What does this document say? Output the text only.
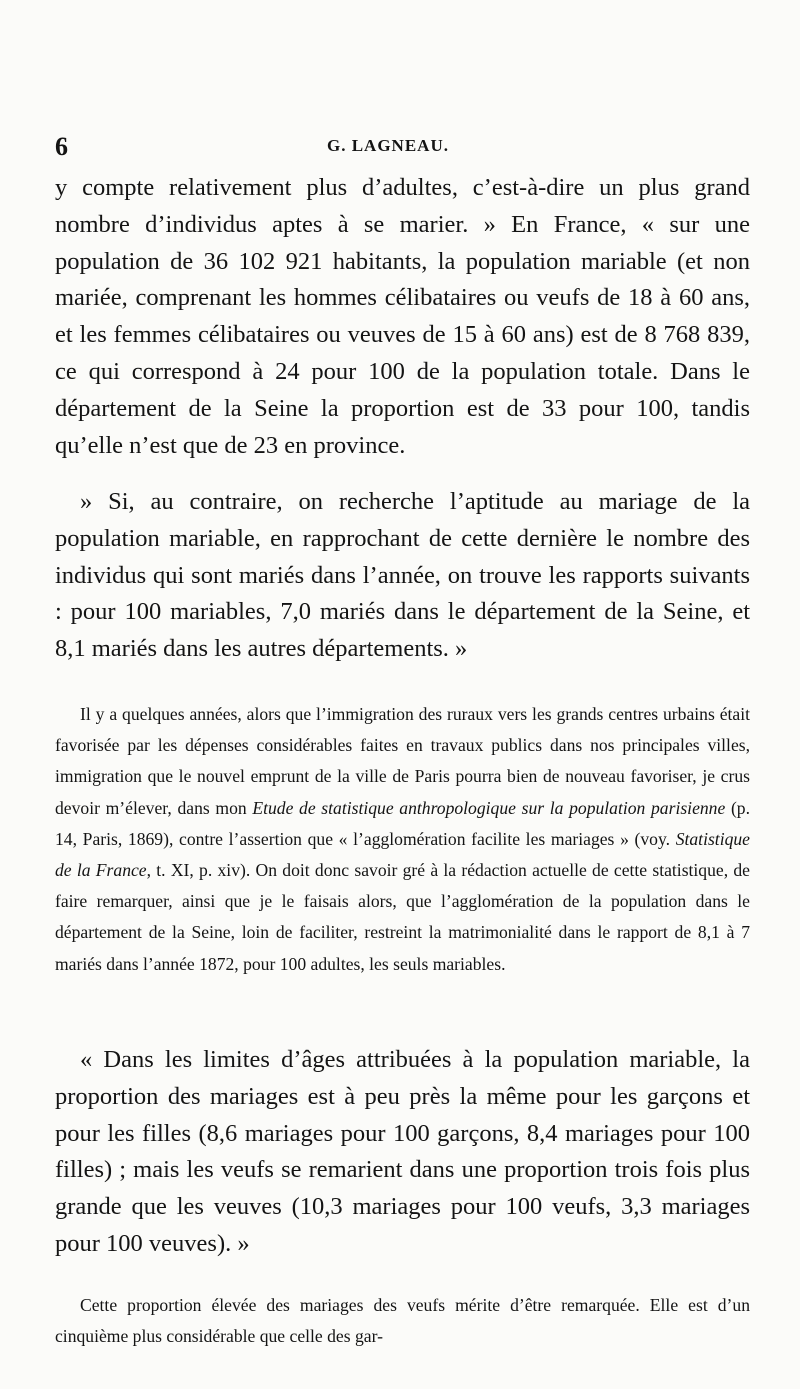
6	G. LAGNEAU.

y compte relativement plus d’adultes, c’est-à-dire un plus grand nombre d’individus aptes à se marier. » En France, « sur une population de 36 102 921 habitants, la population mariable (et non mariée, comprenant les hommes célibataires ou veufs de 18 à 60 ans, et les femmes célibataires ou veuves de 15 à 60 ans) est de 8 768 839, ce qui correspond à 24 pour 100 de la population totale. Dans le département de la Seine la proportion est de 33 pour 100, tandis qu’elle n’est que de 23 en province.

» Si, au contraire, on recherche l’aptitude au mariage de la population mariable, en rapprochant de cette dernière le nombre des individus qui sont mariés dans l’année, on trouve les rapports suivants : pour 100 mariables, 7,0 mariés dans le département de la Seine, et 8,1 mariés dans les autres départements. »

Il y a quelques années, alors que l’immigration des ruraux vers les grands centres urbains était favorisée par les dépenses considérables faites en travaux publics dans nos principales villes, immigration que le nouvel emprunt de la ville de Paris pourra bien de nouveau favoriser, je crus devoir m’élever, dans mon Etude de statistique anthropologique sur la population parisienne (p. 14, Paris, 1869), contre l’assertion que « l’agglomération facilite les mariages » (voy. Statistique de la France, t. XI, p. xiv). On doit donc savoir gré à la rédaction actuelle de cette statistique, de faire remarquer, ainsi que je le faisais alors, que l’agglomération de la population dans le département de la Seine, loin de faciliter, restreint la matrimonialité dans le rapport de 8,1 à 7 mariés dans l’année 1872, pour 100 adultes, les seuls mariables.

« Dans les limites d’âges attribuées à la population mariable, la proportion des mariages est à peu près la même pour les garçons et pour les filles (8,6 mariages pour 100 garçons, 8,4 mariages pour 100 filles) ; mais les veufs se remarient dans une proportion trois fois plus grande que les veuves (10,3 mariages pour 100 veufs, 3,3 mariages pour 100 veuves). »

Cette proportion élevée des mariages des veufs mérite d’être remarquée. Elle est d’un cinquième plus considérable que celle des gar-
